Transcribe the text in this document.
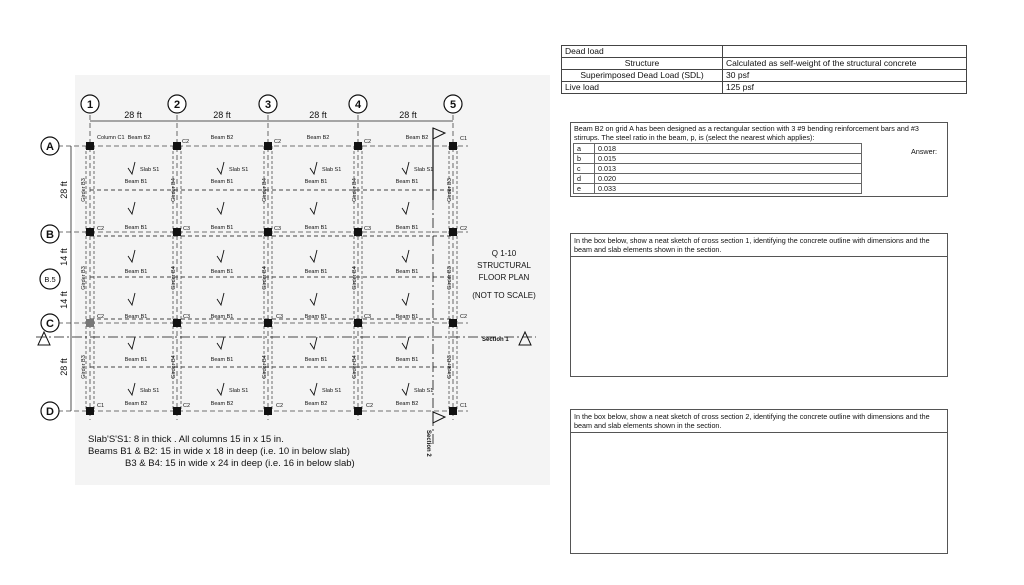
1	2	3	4	5
28 ft	28 ft	28 ft	28 ft
A
B
B.5
C
D
28 ft
14 ft
14 ft
28 ft
Girder B3
Girder B3
Girder B3
Girder B4
Girder B4
Girder B4
Girder B4
Girder B4
Girder B4
Girder B4
Girder B4
Girder B4
Girder B3
Girder B3
Girder B3
Column C1
C2	C2	C2	C1
C2	C3	C3	C3	C2
C2	C3	C3	C3	C2
C1	C2	C2	C2	C1
Beam B2	Beam B2	Beam B2	Beam B2
Beam B1	Beam B1	Beam B1	Beam B1
Beam B1	Beam B1	Beam B1	Beam B1
Beam B1	Beam B1	Beam B1	Beam B1
Beam B1	Beam B1	Beam B1	Beam B1
Beam B1	Beam B1	Beam B1	Beam B1
Beam B2	Beam B2	Beam B2	Beam B2
Slab S1	Slab S1	Slab S1	Slab S1
Slab S1	Slab S1	Slab S1	Slab S1
Section 1
Section 2
Q 1-10
STRUCTURAL
FLOOR PLAN
(NOT TO SCALE)
Slab'S'S1: 8 in thick . All columns 15 in x 15 in.
Beams B1 & B2: 15 in wide x 18 in deep (i.e. 10 in below slab)
B3 & B4: 15 in wide x 24 in deep (i.e. 16 in below slab)
Dead load	
Structure	Calculated as self-weight of the structural concrete
Superimposed Dead Load (SDL)	30 psf
Live load	125 psf
Beam B2 on grid A has been designed as a rectangular section with 3 #9 bending reinforcement bars and #3 stirrups. The steel ratio in the beam, p, is (select the nearest which applies):
Answer:
a	0.018
b	0.015
c	0.013
d	0.020
e	0.033
In the box below, show a neat sketch of cross section 1, identifying the concrete outline with dimensions and the beam and slab elements shown in the section.
In the box below, show a neat sketch of cross section 2, identifying the concrete outline with dimensions and the beam and slab elements shown in the section.
